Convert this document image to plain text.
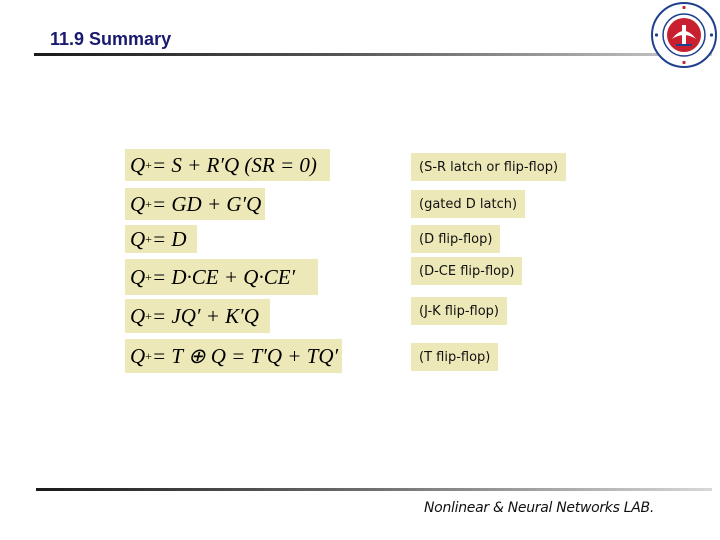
11.9 Summary
Q + = S + R′Q (SR = 0)	(S-R latch or flip-flop)
Q + = GD + G′Q	(gated D latch)
Q + = D	(D flip-flop)
Q + = D·CE + Q·CE′	(D-CE flip-flop)
Q + = JQ′ + K′Q	(J-K flip-flop)
Q + = T ⊕ Q = T′Q + TQ′	(T flip-flop)
Nonlinear & Neural Networks LAB.
